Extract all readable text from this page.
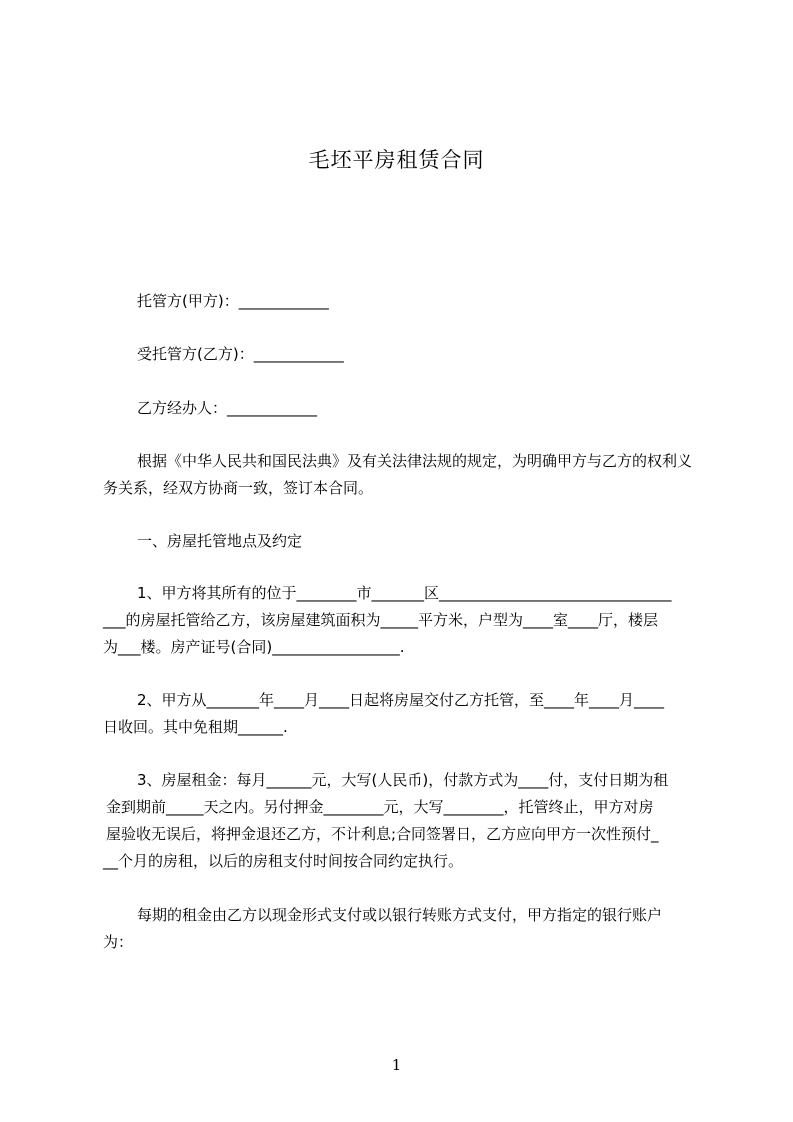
毛坯平房租赁合同
托管方(甲方)：____________
受托管方(乙方)：____________
乙方经办人：____________
根据《中华人民共和国民法典》及有关法律法规的规定，为明确甲方与乙方的权利义务关系，经双方协商一致，签订本合同。
一、房屋托管地点及约定
1、甲方将其所有的位于________市_______区_______________________________
___的房屋托管给乙方，该房屋建筑面积为_____平方米，户型为____室____厅，楼层
为___楼。房产证号(合同)_________________.
2、甲方从_______年____月____日起将房屋交付乙方托管，至____年____月____
日收回。其中免租期______.
3、房屋租金：每月______元，大写(人民币)，付款方式为____付，支付日期为租
金到期前_____天之内。另付押金________元，大写________，托管终止，甲方对房
屋验收无误后，将押金退还乙方，不计利息;合同签署日，乙方应向甲方一次性预付_
__个月的房租，以后的房租支付时间按合同约定执行。
每期的租金由乙方以现金形式支付或以银行转账方式支付，甲方指定的银行账户
为：
1
